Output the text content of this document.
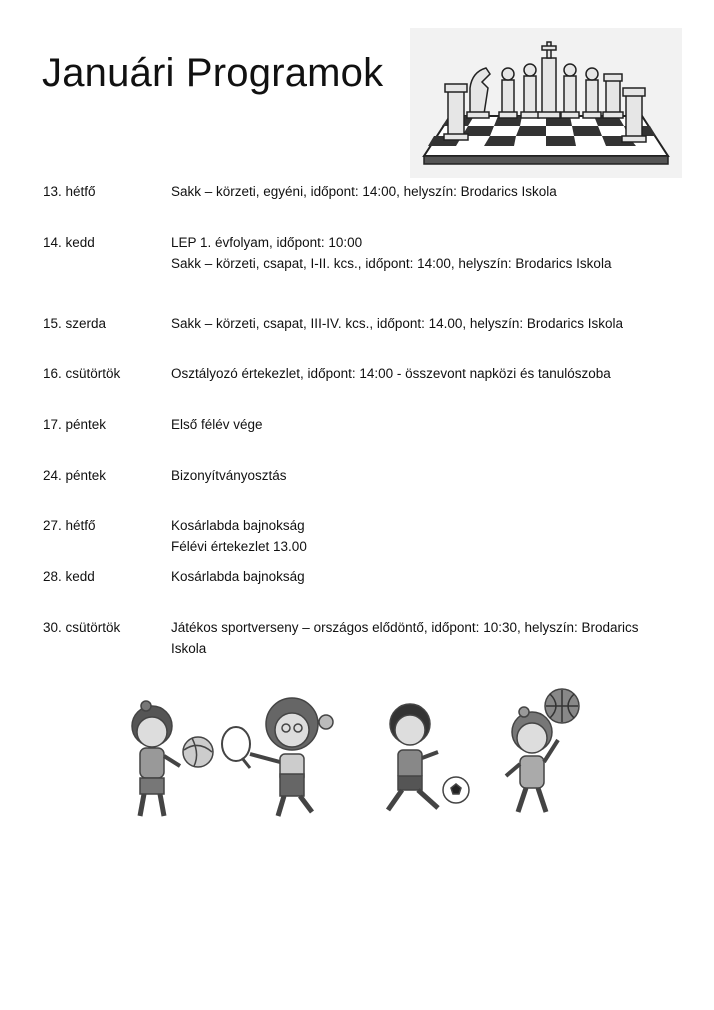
Januári Programok
13. hétfő	Sakk – körzeti, egyéni, időpont: 14:00, helyszín: Brodarics Iskola
14. kedd	LEP 1. évfolyam, időpont: 10:00
Sakk – körzeti, csapat, I-II. kcs., időpont: 14:00, helyszín: Brodarics Iskola
15. szerda	Sakk – körzeti, csapat, III-IV. kcs., időpont: 14.00, helyszín: Brodarics Iskola
16. csütörtök	Osztályozó értekezlet, időpont: 14:00 - összevont napközi és tanulószoba
17. péntek	Első félév vége
24. péntek	Bizonyítványosztás
27. hétfő	Kosárlabda bajnokság
Félévi értekezlet 13.00
28. kedd	Kosárlabda bajnokság
30. csütörtök	Játékos sportverseny – országos elődöntő, időpont: 10:30, helyszín: Brodarics
Iskola
